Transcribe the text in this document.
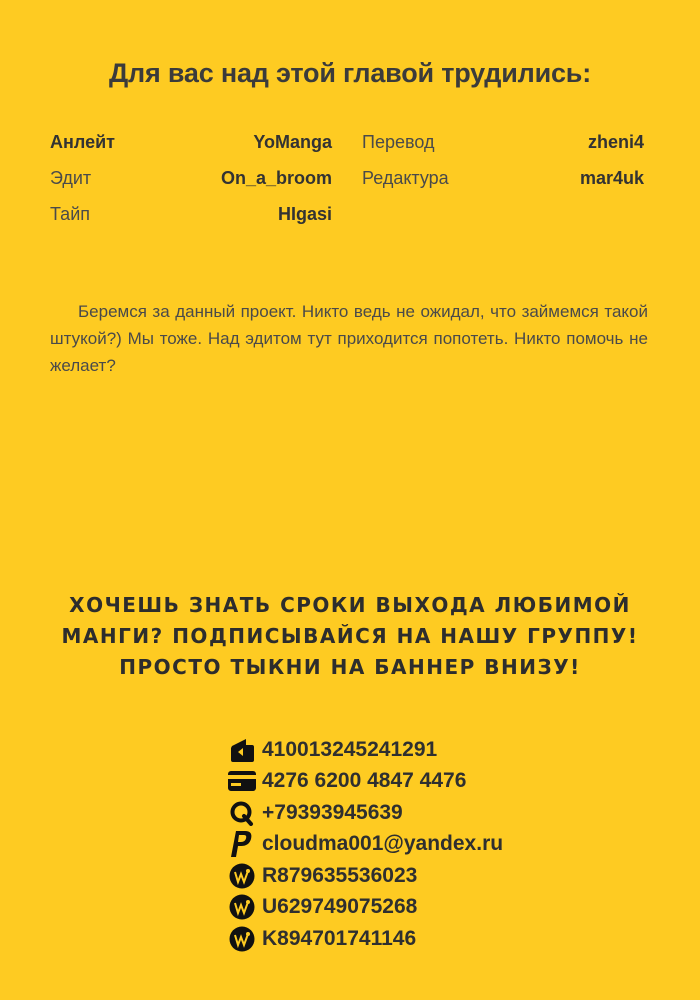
Для вас над этой главой трудились:
Анлейт	YoManga Перевод	zheni4
Эдит	On_a_broom Редактура	mar4uk
Тайп	HIgasi
Беремся за данный проект. Никто ведь не ожидал, что займемся такой штукой?) Мы тоже. Над эдитом тут приходится попотеть. Никто помочь не желает?
ХОЧЕШЬ ЗНАТЬ СРОКИ ВЫХОДА ЛЮБИМОЙ
МАНГИ? ПОДПИСЫВАЙСЯ НА НАШУ ГРУППУ!
ПРОСТО ТЫКНИ НА БАННЕР ВНИЗУ!
410013245241291
4276 6200 4847 4476
+79393945639
cloudma001@yandex.ru
R879635536023
U629749075268
K894701741146
